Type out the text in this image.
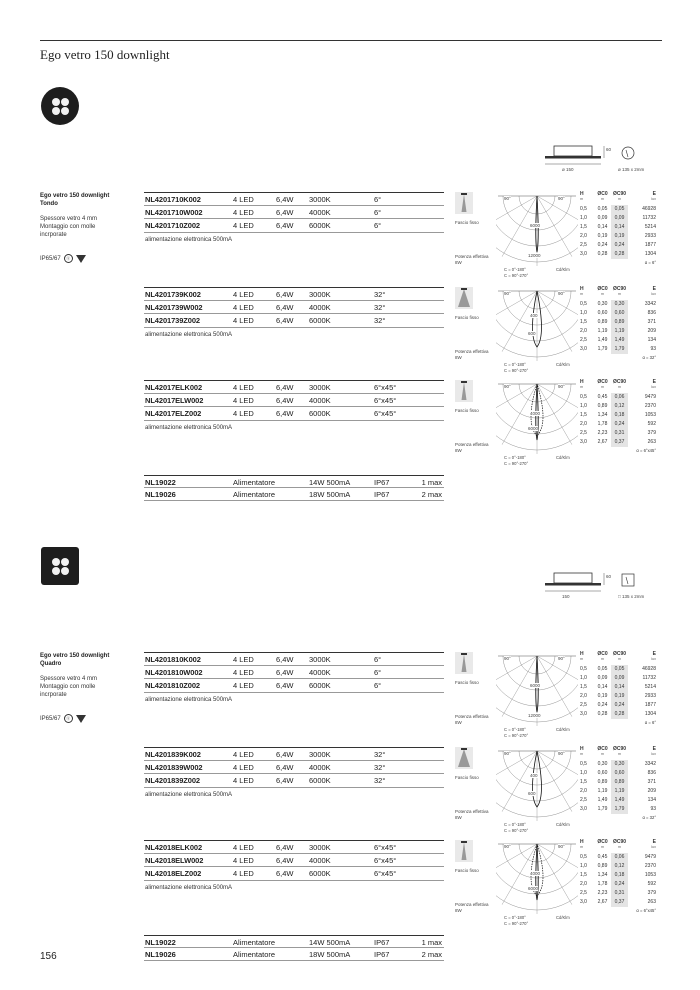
Ego vetro 150 downlight
156
60
ø 150	ø 135 x 2mm
Ego vetro 150 downlight
Tondo
Spessore vetro 4 mm
Montaggio con molle
incrporate
IP65/67	Ⓢ
NL4201710K002	4 LED	6,4W 3000K	6°
NL4201710W002	4 LED	6,4W 4000K	6°
NL4201710Z002	4 LED	6,4W 6000K	6°
alimentazione elettronica 500mA
Fascio fisso
Potenza effettiva
8W
90°	90°
6000
12000
C = 0°-180°
C = 90°-270°
Cd/Klm
H	ØC0	ØC90	E
m	m	m	lux
0,5	0,05	0,05	46928
1,0	0,09	0,09	11732
1,5	0,14	0,14	5214
2,0	0,19	0,19	2933
2,5	0,24	0,24	1877
3,0	0,28	0,28	1304
α = 6°
NL4201739K002	4 LED	6,4W 3000K	32°
NL4201739W002	4 LED	6,4W 4000K	32°
NL4201739Z002	4 LED	6,4W 6000K	32°
alimentazione elettronica 500mA
Fascio fisso
Potenza effettiva
8W
90°	90°
400
600
C = 0°-180°
C = 90°-270°
Cd/Klm
H	ØC0	ØC90	E
m	m	m	lux
0,5	0,30	0,30	3342
1,0	0,60	0,60	836
1,5	0,89	0,89	371
2,0	1,19	1,19	209
2,5	1,49	1,49	134
3,0	1,79	1,79	93
α = 32°
NL42017ELK002	4 LED	6,4W 3000K	6°x45°
NL42017ELW002	4 LED	6,4W 4000K	6°x45°
NL42017ELZ002	4 LED	6,4W 6000K	6°x45°
alimentazione elettronica 500mA
Fascio fisso
Potenza effettiva
8W
90°	90°
4000
6000
C = 0°-180°
C = 90°-270°
Cd/Klm
H	ØC0	ØC90	E
m	m	m	lux
0,5	0,45	0,06	9479
1,0	0,89	0,12	2370
1,5	1,34	0,18	1053
2,0	1,78	0,24	592
2,5	2,23	0,31	379
3,0	2,67	0,37	263
α = 6°x45°
NL19022	Alimentatore	14W 500mA	IP67	1 max
NL19026	Alimentatore	18W 500mA	IP67	2 max
60
150	□ 135 x 2mm
Ego vetro 150 downlight
Quadro
Spessore vetro 4 mm
Montaggio con molle
incrporate
IP65/67	Ⓢ
NL4201810K002	4 LED	6,4W 3000K	6°
NL4201810W002	4 LED	6,4W 4000K	6°
NL4201810Z002	4 LED	6,4W 6000K	6°
alimentazione elettronica 500mA
Fascio fisso
Potenza effettiva
8W
90°	90°
6000
12000
C = 0°-180°
C = 90°-270°
Cd/Klm
H	ØC0	ØC90	E
m	m	m	lux
0,5	0,05	0,05	46928
1,0	0,09	0,09	11732
1,5	0,14	0,14	5214
2,0	0,19	0,19	2933
2,5	0,24	0,24	1877
3,0	0,28	0,28	1304
α = 6°
NL4201839K002	4 LED	6,4W 3000K	32°
NL4201839W002	4 LED	6,4W 4000K	32°
NL4201839Z002	4 LED	6,4W 6000K	32°
alimentazione elettronica 500mA
Fascio fisso
Potenza effettiva
8W
90°	90°
400
600
C = 0°-180°
C = 90°-270°
Cd/Klm
H	ØC0	ØC90	E
m	m	m	lux
0,5	0,30	0,30	3342
1,0	0,60	0,60	836
1,5	0,89	0,89	371
2,0	1,19	1,19	209
2,5	1,49	1,49	134
3,0	1,79	1,79	93
α = 32°
NL42018ELK002	4 LED	6,4W 3000K	6°x45°
NL42018ELW002	4 LED	6,4W 4000K	6°x45°
NL42018ELZ002	4 LED	6,4W 6000K	6°x45°
alimentazione elettronica 500mA
Fascio fisso
Potenza effettiva
8W
90°	90°
4000
6000
C = 0°-180°
C = 90°-270°
Cd/Klm
H	ØC0	ØC90	E
m	m	m	lux
0,5	0,45	0,06	9479
1,0	0,89	0,12	2370
1,5	1,34	0,18	1053
2,0	1,78	0,24	592
2,5	2,23	0,31	379
3,0	2,67	0,37	263
α = 6°x45°
NL19022	Alimentatore	14W 500mA	IP67	1 max
NL19026	Alimentatore	18W 500mA	IP67	2 max
